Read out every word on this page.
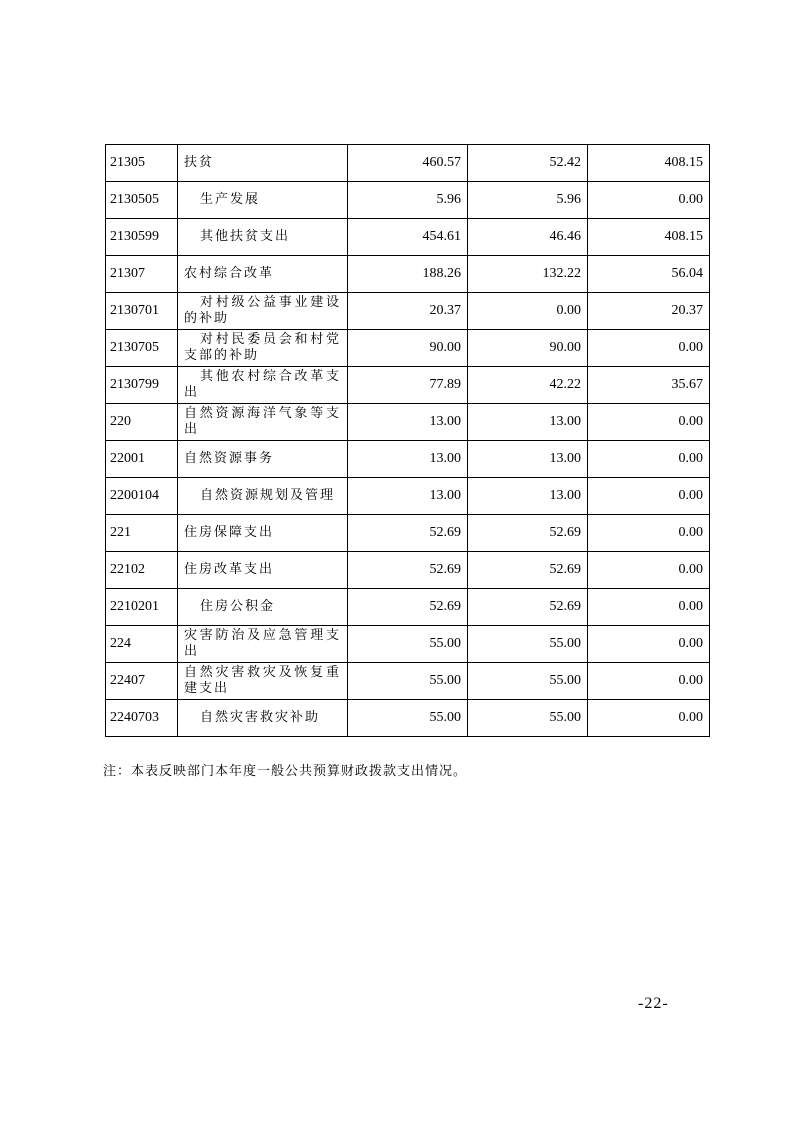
21305	扶贫	460.57	52.42	408.15
2130505	生产发展	5.96	5.96	0.00
2130599	其他扶贫支出	454.61	46.46	408.15
21307	农村综合改革	188.26	132.22	56.04
2130701	对村级公益事业建设的补助	20.37	0.00	20.37
2130705	对村民委员会和村党支部的补助	90.00	90.00	0.00
2130799	其他农村综合改革支出	77.89	42.22	35.67
220	自然资源海洋气象等支出	13.00	13.00	0.00
22001	自然资源事务	13.00	13.00	0.00
2200104	自然资源规划及管理	13.00	13.00	0.00
221	住房保障支出	52.69	52.69	0.00
22102	住房改革支出	52.69	52.69	0.00
2210201	住房公积金	52.69	52.69	0.00
224	灾害防治及应急管理支出	55.00	55.00	0.00
22407	自然灾害救灾及恢复重建支出	55.00	55.00	0.00
2240703	自然灾害救灾补助	55.00	55.00	0.00
注：本表反映部门本年度一般公共预算财政拨款支出情况。
-22-
